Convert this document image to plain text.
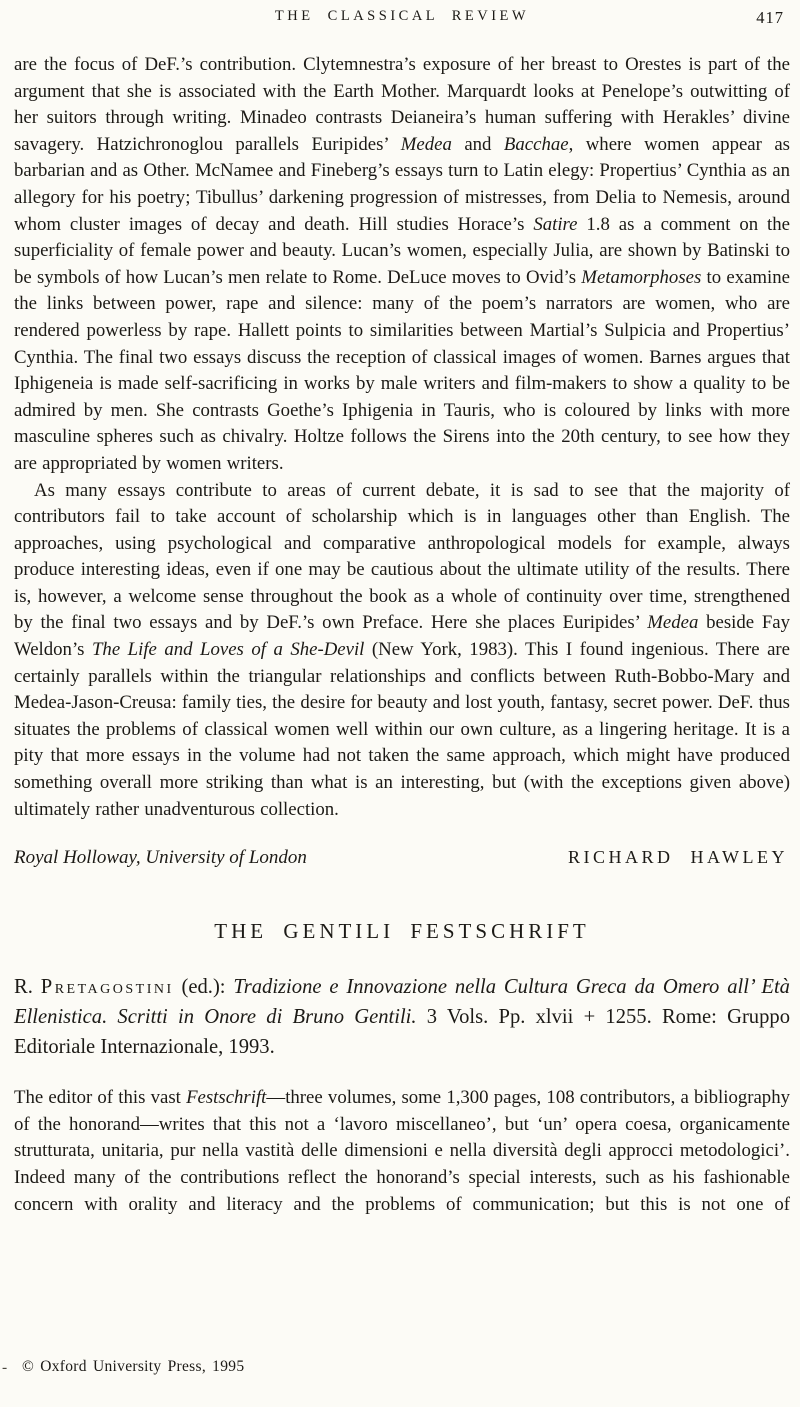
THE CLASSICAL REVIEW	417

are the focus of DeF.’s contribution. Clytemnestra’s exposure of her breast to Orestes is part of the argument that she is associated with the Earth Mother. Marquardt looks at Penelope’s outwitting of her suitors through writing. Minadeo contrasts Deianeira’s human suffering with Herakles’ divine savagery. Hatzichronoglou parallels Euripides’ Medea and Bacchae, where women appear as barbarian and as Other. McNamee and Fineberg’s essays turn to Latin elegy: Propertius’ Cynthia as an allegory for his poetry; Tibullus’ darkening progression of mistresses, from Delia to Nemesis, around whom cluster images of decay and death. Hill studies Horace’s Satire 1.8 as a comment on the superficiality of female power and beauty. Lucan’s women, especially Julia, are shown by Batinski to be symbols of how Lucan’s men relate to Rome. DeLuce moves to Ovid’s Metamorphoses to examine the links between power, rape and silence: many of the poem’s narrators are women, who are rendered powerless by rape. Hallett points to similarities between Martial’s Sulpicia and Propertius’ Cynthia. The final two essays discuss the reception of classical images of women. Barnes argues that Iphigeneia is made self-sacrificing in works by male writers and film-makers to show a quality to be admired by men. She contrasts Goethe’s Iphigenia in Tauris, who is coloured by links with more masculine spheres such as chivalry. Holtze follows the Sirens into the 20th century, to see how they are appropriated by women writers.

As many essays contribute to areas of current debate, it is sad to see that the majority of contributors fail to take account of scholarship which is in languages other than English. The approaches, using psychological and comparative anthropological models for example, always produce interesting ideas, even if one may be cautious about the ultimate utility of the results. There is, however, a welcome sense throughout the book as a whole of continuity over time, strengthened by the final two essays and by DeF.’s own Preface. Here she places Euripides’ Medea beside Fay Weldon’s The Life and Loves of a She-Devil (New York, 1983). This I found ingenious. There are certainly parallels within the triangular relationships and conflicts between Ruth-Bobbo-Mary and Medea-Jason-Creusa: family ties, the desire for beauty and lost youth, fantasy, secret power. DeF. thus situates the problems of classical women well within our own culture, as a lingering heritage. It is a pity that more essays in the volume had not taken the same approach, which might have produced something overall more striking than what is an interesting, but (with the exceptions given above) ultimately rather unadventurous collection.

Royal Holloway, University of London	RICHARD HAWLEY
THE GENTILI FESTSCHRIFT

R. Pretagostini (ed.): Tradizione e Innovazione nella Cultura Greca da Omero all’ Età Ellenistica. Scritti in Onore di Bruno Gentili. 3 Vols. Pp. xlvii + 1255. Rome: Gruppo Editoriale Internazionale, 1993.

The editor of this vast Festschrift—three volumes, some 1,300 pages, 108 contributors, a bibliography of the honorand—writes that this not a ‘lavoro miscellaneo’, but ‘un’ opera coesa, organicamente strutturata, unitaria, pur nella vastità delle dimensioni e nella diversità degli approcci metodologici’. Indeed many of the contributions reflect the honorand’s special interests, such as his fashionable concern with orality and literacy and the problems of communication; but this is not one of

- © Oxford University Press, 1995
